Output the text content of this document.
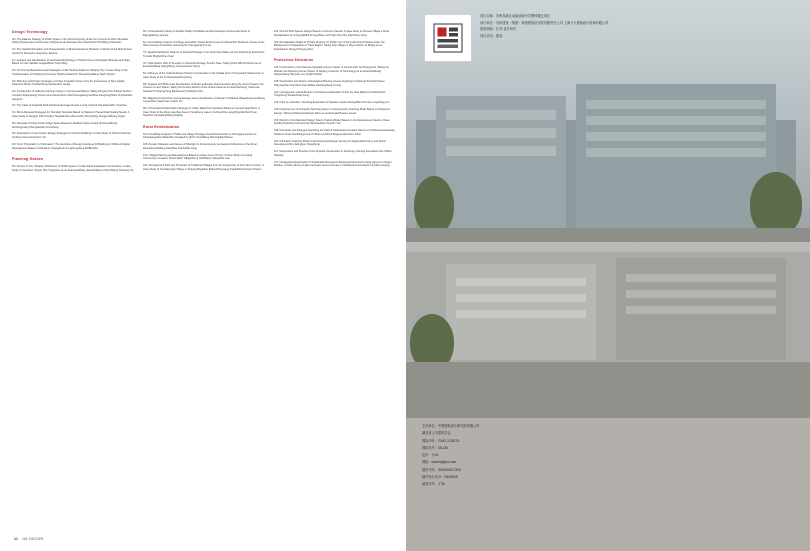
Design·Technology
04 / The Balance Strategy of Public Space in the Old Community Under the Concept of Micro-Renewal: Taking Huangcunpu Community in Beijing as an Example/ Guo Xiaohui/Cui Han/Wang Shanshan
07 / The Spatial Orientation and Characteristics of Mural Assistance Behavior in Wuhan Rural Elderly Care Center/Ye Zixuan/Lin Jing/Yang Jianhua
11 / Analysis and Identification of Courtyard Morphology in Historic Area of Zhuanglie Shangdu and Xiajie Based on UAV Satellite Images/Zhao Yue/Li Bing
15 / Community-Based Renewal Strategies of Idle Heating Stations in Beijing City: A Case Study of the Transformation of Pingfang Community Heating Station/Yu Shengzhuo/Wang Tao/Li Huanin
19 / Planning and Design Strategies of Urban Innovation Zones from the Perspective of New Quality Space/Liu Siru/Li Tianhao/Song Xiaofan/Zou Jiangli
23 / Construction of Collective Memory Space in Commercial Blocks: Taking Ping'an Post Cultural Tourism Complex Zhangsheng County as an Example/Liu Min/Ouyangwang Du/Zhao Kangming/Shen Xinghao/Wei Gangmin
27 / The Class of Industrial Park Architectural Image Design Led by Cultural Orientation/Wu Yongzhao
31 / Micro-Renewal Strategies for Township Hospitals Based on Maslow's Hierarchical Healing Needs: A Case Study of Jiangyin Fifth People's Hospital/Yang Zhenxiu/Fu Zhenyi/Xing Xiangyou/Zhang Jingru
35 / Renewal of Urban Under-bridge Space Based on Resilient Space Going Structure/Zhang Runfeng/Liang Zhenghao/Gu Chunshang
39 / Exploration of Low-Carbon Design Strategies for Archive Buildings: A Case Study of Hubei Provincial Archives New Complex/Ye Xin
43 / From 'Physicality' to 'Information': The Evolution of Design Interfaces for Buildings in Different Digital Development Stages of China/Liu Yutang/Guan Fengming/Jiang Bo/Bai Wei
Planning·Garden
54 / Temple in City: Shaping 'Worldness' of Public Space in Urban-Rural Integration Communities: A Case Study of Jiqi Road, Jingxiu Plot, Hangzhou as an Example/Zhang Jianmin/Wang Yichen/Wang Xin/Fang Hui
60 / A Comparative Study on Spatial Vitality of Paddies and Expressways Commercial Street in Beijing/Wang Lianning
64 / Accessibility Analysis of College Accessible Transit Environment for Wheelchair Students: A Case of the West Campus of Guizhou University/Ye Chengqiang/Yu Ling
72 / Spatial Distribution Patterns of Cultural Heritage in the Grain River Basin and Its Influencing Factors/Liu Tunru/Li Bingbo/Chen Kaiyi
76 / Optimization Path of Scenario in Industrial Heritage Tourism Sites: Taking Hefei 180 Art District as an Example/Wang Guijng/Deng Yuanyuan/Cai Yinjing
81 / Influence of the Cultural Routes Historic Functionality on the Spatial Form of Vernacular Settlements: A Case Study of the Tuchangcang/Feng Ding
85 / Analysis and Multi-scale Identification of Rural Landscape Characteristics along the Grand Canal in the Context of Land Space: Taking the Kuzhou Section of the Grand Canal as an Example/Kang Yuan/Luan Shutian/Yu Xinteng/Yang Baohuan/Li Xizhao/Gu Sha
89 / Mapping Construction and Landscape Gene Identification of Xiushan Traditional Village/Fang Ge/Zhang Leyue/Chen Jiaqi/Yuan Yujie/Li Xin
99 / A Theoretical Optimization Strategy for Urban Waterfront Interfaces Based on Genetic Algorithms: A Case Study of the West Lake Bay Area of Yangcheng Lake in Suzhou/Chu Liang/Qing Meichen/Yuan Nan/Chen Guoqiang/Wang Dujiang
Rural Revitalization
103 / Feasibility Analysis of Traffic and Village Heritage Overall Construction in Chongqing Section of Chuanjiang River Basin/Xie Yongqiu/Liu Qi/Yin Yuan/Wang Wenting/Dai Wuwen
109 / Design Strategies and Issues of Shangli-Li's Contemporary Vernacular Architecture in the Rural Development/Wang Nan/Zhao Peichu/Wu Jiang
113 / Village Planning and Development Based on Space Gene Theory: A Case Study of Luwang Community in Feature Preservation Village/Deng Hui/Zhang Yuanju/Zhu Lele
119 / Development Path and Protection of Traditional Villages from the Perspective of Four-Home Fusion: A Case Study of Tuanbanmajin Village in Xinjiang Bogarkan Baikou/Haoyuang Xiaofei/Sunhannazi Tuhutun
124 / Rural Public Spaces Design Based on Common Needs: A Case Study of Chewan Village's Rural Revitalization by Using MaxDiff Survey/Zhao Liu/Xi Qiu Chen/Xie Qian/Chen Kang
129 / Revitalization Model of 'Private Property for Public Use' of Semi-idle Rural Houses Under the Background of 'Separation of Three Rights': Taking Dian Village in Miyun District of Beijing as an Example/Liu Mengyu/Ouyang Wen
Protection·Education
133 / Construction of Architecture Specialty Course Cluster of Construction Technology-led: Taking the Wooden Architecture Course Cluster of Nanjing University of Technology as an Example/Zhang Hanqin/Wang Hanyu/Li Luo Jing/Pei Baiho
138 / Exploration and Reform of Ecological Planting Course Teaching for National Territorial Space Planning/Tian Tian/Chen Wenxi/Mao Guobing/Jiang Yurong
142 / Introspection and Reflection of Architectural Education Under the New Market Conditions/Tao Yiling/Feng Shulian/Xuan Feng
146 / Film as a Medium: Teaching Exploration of Spatial-in-Space Design/Bao Chun/Lu Ling/Xiang Jun
149 / Improvement of University Teaching Space in Contemporary Teaching Mode Based on Polysemic Design: Taking Architectural Design Micro as an Example/Huang Lewuan
153 / Reform of Architectural Design Talents Training Model Based on the Development Needs of New-Quality Productive Forces/Yuan Wenhao/Gao Yiwen/Li Yan
159 / Demands and Changes: Exploring the Path of Cultivating Innovation Talents in Architectural Graduate Students Under the Background of Urban and Rural Regeneration/Sun Jiebin
163 / All-Factor Teaching Model in Environmental Design Serving for Regional Economy and Social Development/Xiu Jialing/Lyu Hongsheng
167 / Exploration and Practice of the Physical Construction in Teaching in Design Foundation-2/Li Shi/Ke Shuping
171 / Pedagogical Exploration of Sustainable Renewal in Existing Environments Using Light as a Design Medium: A Case Study of Light and Space Series Courses in Southeast University/Xu Jun/Ma Xueqing
11 HA 03/2025
项目名称：苏州高新区动能创始中学整体搬迁项目
设计单位：苏州建设（集团）规划建筑设计院有限责任公司 上海力夫建筑设计咨询有限公司
建筑面积：江苏·省苏州市
项目状态：建成
主办单位：中国建筑设计研究院有限公司
湖北省土木建筑学会
国际刊号：CN42-1228/TU
国际代号：38-136
定价：￥42
网址：www.hjzjjhut.com
国内刊号：ISSN1003-739X
邮件发行代号：DE43009
邮发代号：￥35
